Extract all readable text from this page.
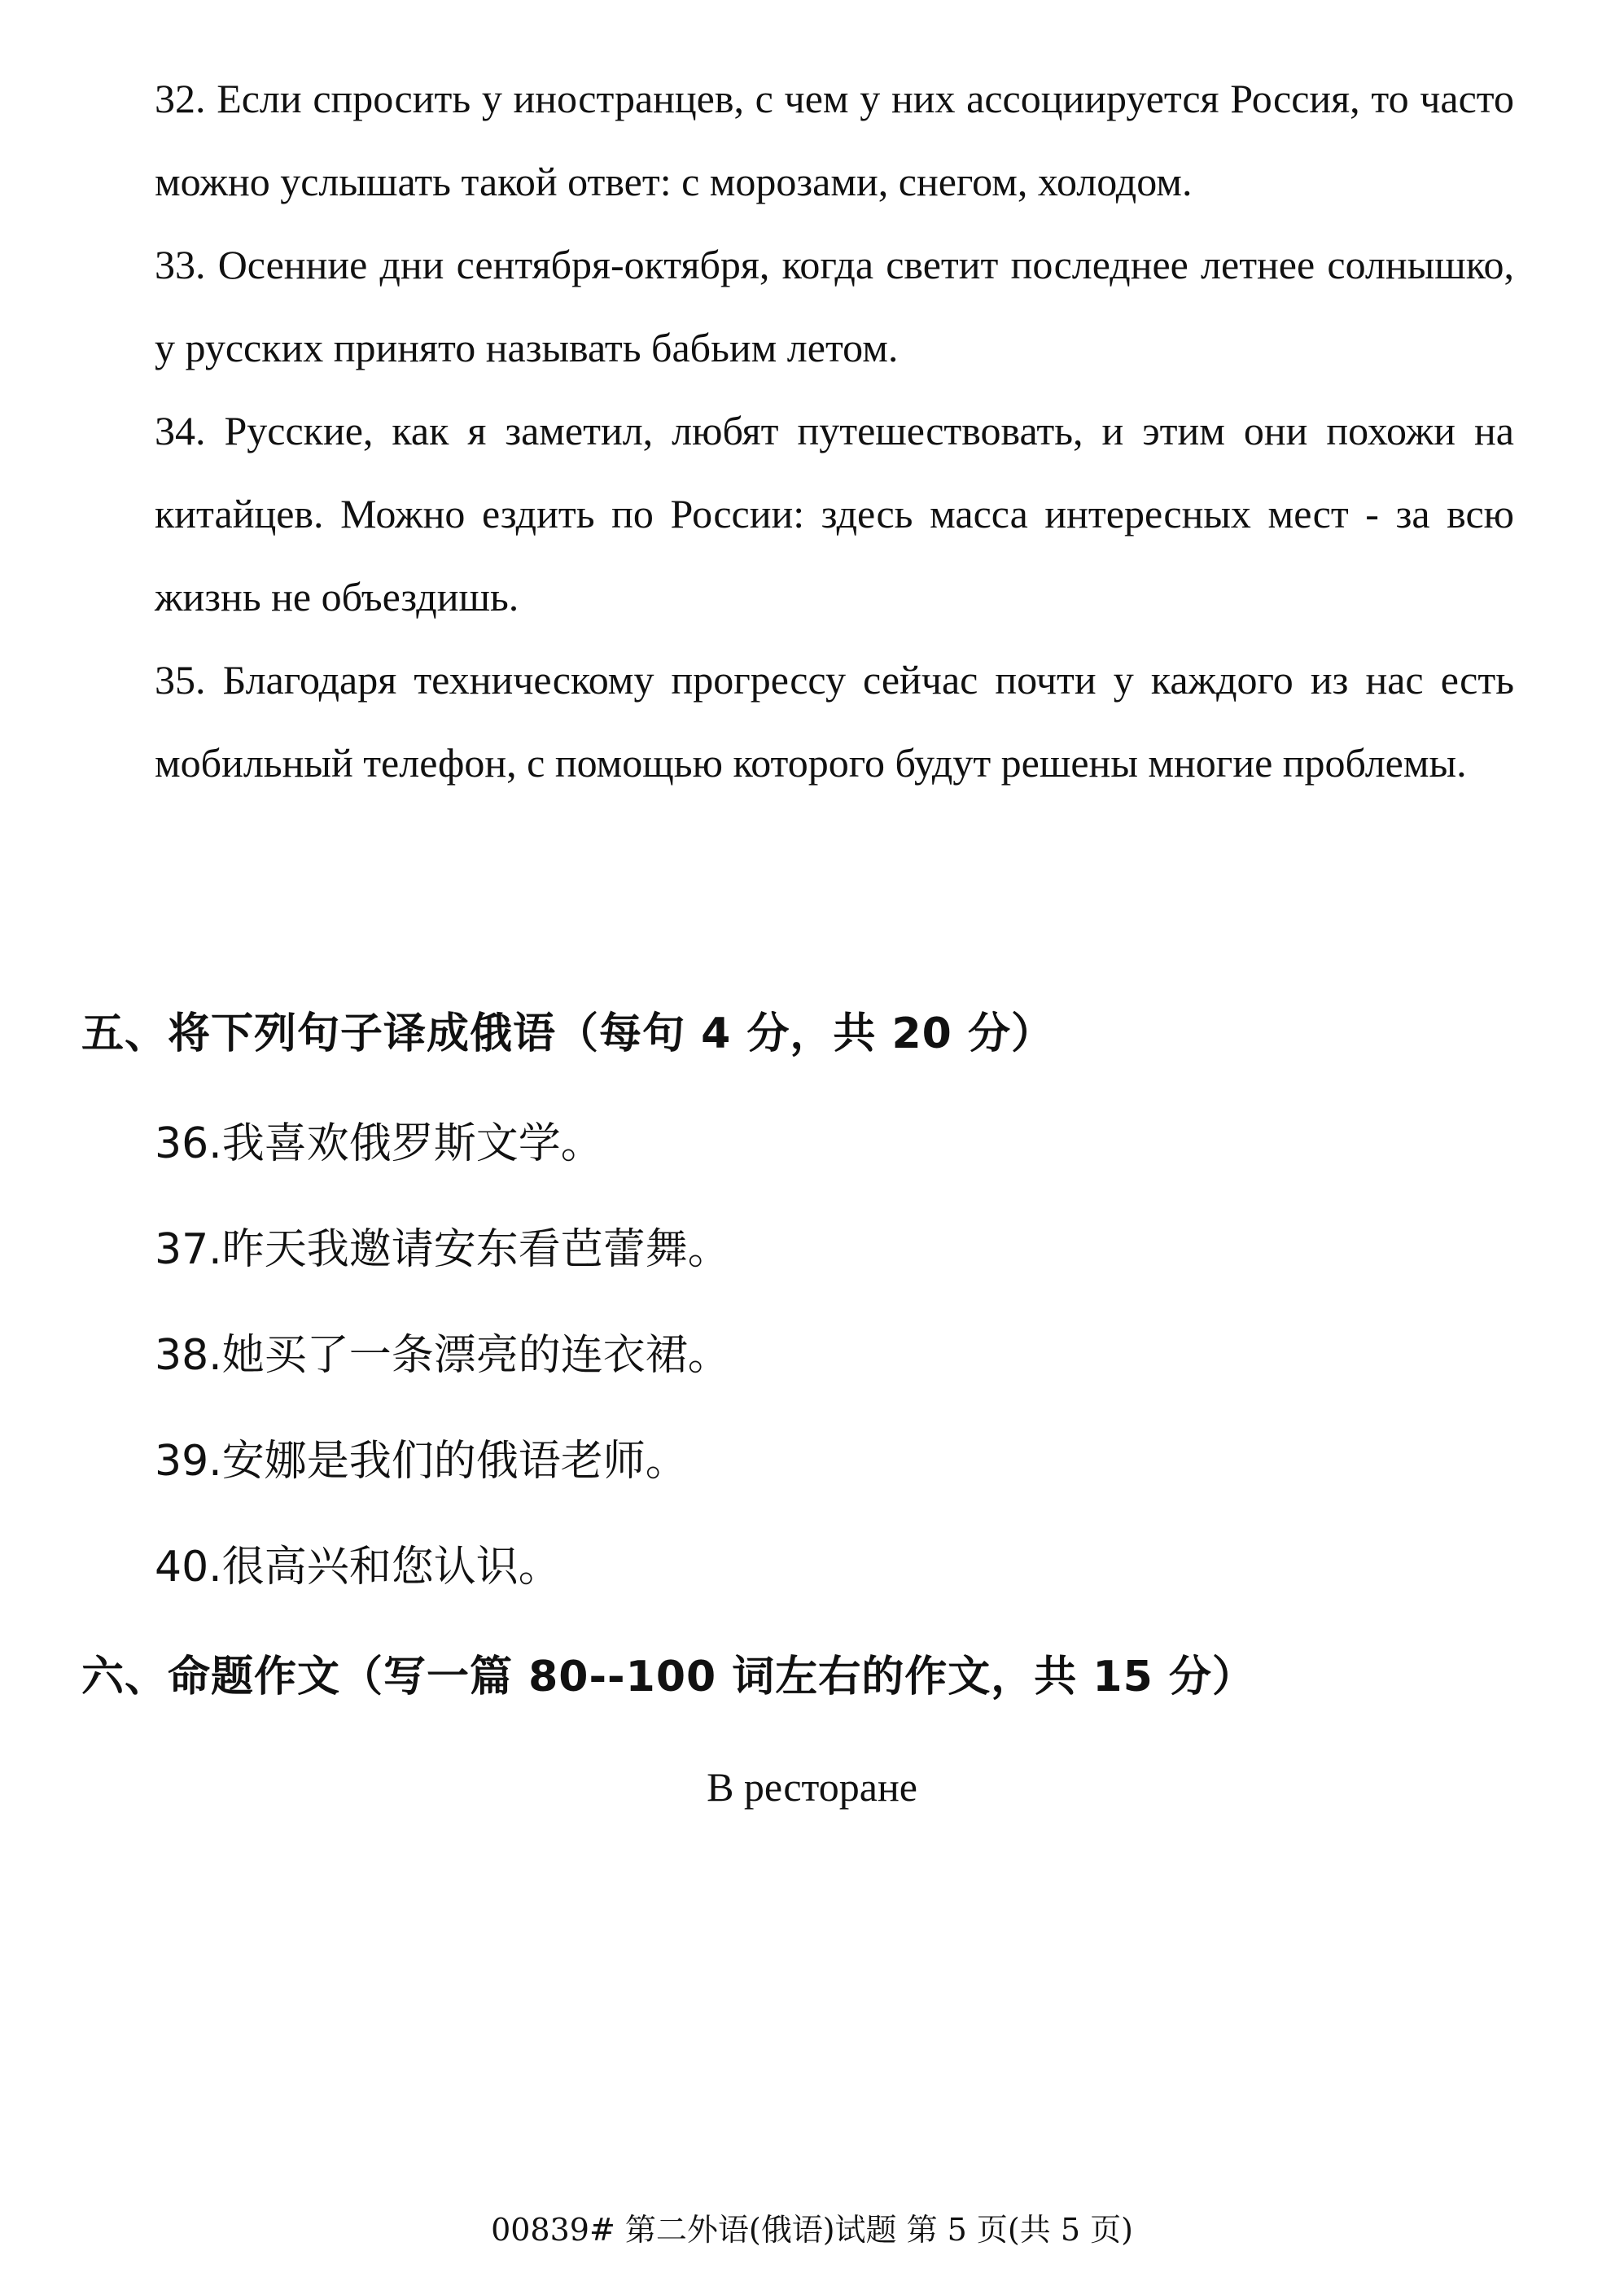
32. Если спросить у иностранцев, с чем у них ассоциируется Россия, то часто можно услышать такой ответ: с морозами, снегом, холодом.

33. Осенние дни сентября-октября, когда светит последнее летнее солнышко, у русских принято называть бабьим летом.

34. Русские, как я заметил, любят путешествовать, и этим они похожи на китайцев. Можно ездить по России: здесь масса интересных мест - за всю жизнь не объездишь.

35. Благодаря техническому прогрессу сейчас почти у каждого из нас есть мобильный телефон, с помощью которого будут решены многие проблемы.

五、将下列句子译成俄语（每句 4 分，共 20 分）
36.我喜欢俄罗斯文学。
37.昨天我邀请安东看芭蕾舞。
38.她买了一条漂亮的连衣裙。
39.安娜是我们的俄语老师。
40.很高兴和您认识。
六、命题作文（写一篇 80--100 词左右的作文，共 15 分）
В ресторане
00839# 第二外语(俄语)试题 第 5 页(共 5 页)
